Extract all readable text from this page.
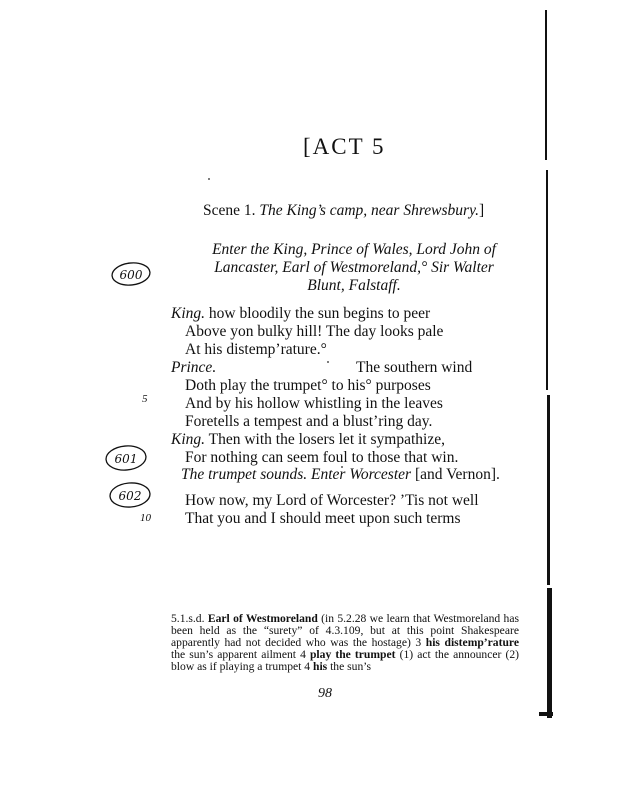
[ACT 5
Scene 1. The King’s camp, near Shrewsbury.]
Enter the King, Prince of Wales, Lord John of
Lancaster, Earl of Westmoreland,° Sir Walter
Blunt, Falstaff.
King. how bloodily the sun begins to peer
Above yon bulky hill! The day looks pale
At his distemp’rature.°
Prince.	The southern wind
Doth play the trumpet° to his° purposes
And by his hollow whistling in the leaves
Foretells a tempest and a blust’ring day.
King. Then with the losers let it sympathize,
For nothing can seem foul to those that win.
The trumpet sounds. Enter Worcester [and Vernon].
How now, my Lord of Worcester? ’Tis not well
That you and I should meet upon such terms
5
10
600
601
602

5.1.s.d. Earl of Westmoreland (in 5.2.28 we learn that Westmoreland has been held as the “surety” of 4.3.109, but at this point Shakespeare apparently had not decided who was the hostage) 3 his distemp’rature the sun’s apparent ailment 4 play the trumpet (1) act the announcer (2) blow as if playing a trumpet 4 his the sun’s

98
